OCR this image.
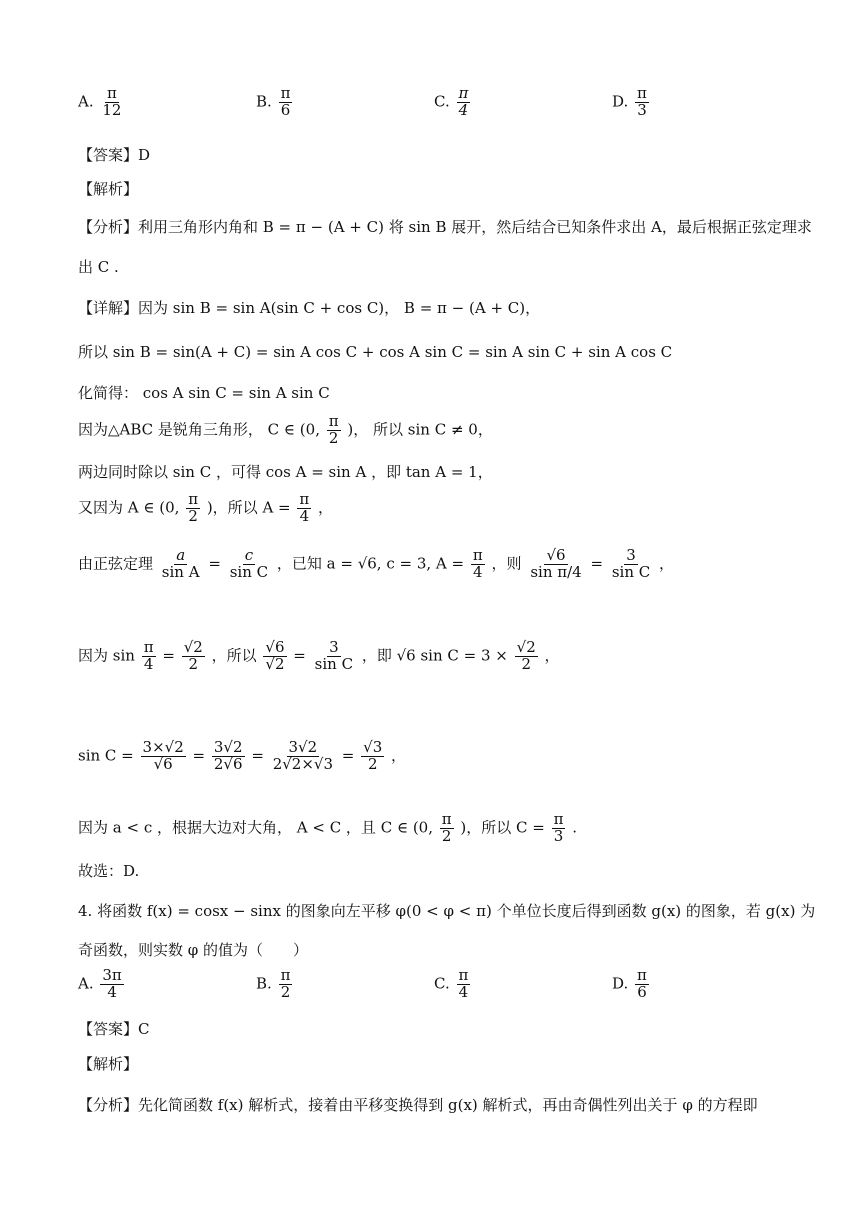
A. $\frac{\pi}{12}$	B. $\frac{\pi}{6}$	C. $\frac{\pi}{4}$	D. $\frac{\pi}{3}$
【答案】D
【解析】
【分析】利用三角形内角和 B = π − (A + C) 将 sin B 展开，然后结合已知条件求出 A，最后根据正弦定理求
出 C .
【详解】因为 sin B = sin A(sin C + cos C)， B = π − (A + C)，
所以 sin B = sin(A + C) = sin A cos C + cos A sin C = sin A sin C + sin A cos C
化简得： cos A sin C = sin A sin C
因为△ABC 是锐角三角形， C ∈ (0, $\frac{\pi}{2}$ )， 所以 sin C ≠ 0，
两边同时除以 sin C ，可得 cos A = sin A ，即 tan A = 1，
又因为 A ∈ (0, $\frac{\pi}{2}$ )，所以 $A = \frac{\pi}{4}$ ，
由正弦定理 $\frac{a}{\text{sin A}} = \frac{c}{\text{sin C}}$ ，已知 a = √6, c = 3, $A = \frac{\pi}{4}$ ，则 $\frac{√6}{\text{sin π/4}} = \frac{3}{\text{sin C}}$ ，
因为 $\sin \frac{\pi}{4} = \frac{√2}{2}$ ，所以 $\frac{√6}{√2} = \frac{3}{\text{sin C}}$ ，即 √6 $\sin C = 3 \times \frac{√2}{2}$ ，
$\sin C = \frac{3\times√2}{√6} = \frac{3√2}{2√6} = \frac{3√2}{2√2\times√3} = \frac{√3}{2}$ ，
因为 a < c ，根据大边对大角， A < C ，且 C ∈ (0, $\frac{\pi}{2}$ )，所以 $C = \frac{\pi}{3}$ .
故选：D.
4. 将函数 f(x) = cosx − sinx 的图象向左平移 φ(0 < φ < π) 个单位长度后得到函数 g(x) 的图象，若 g(x) 为
奇函数，则实数 φ 的值为（　　）
A. $\frac{3\pi}{4}$	B. $\frac{\pi}{2}$	C. $\frac{\pi}{4}$	D. $\frac{\pi}{6}$
【答案】C
【解析】
【分析】先化简函数 f(x) 解析式，接着由平移变换得到 g(x) 解析式，再由奇偶性列出关于 φ 的方程即
